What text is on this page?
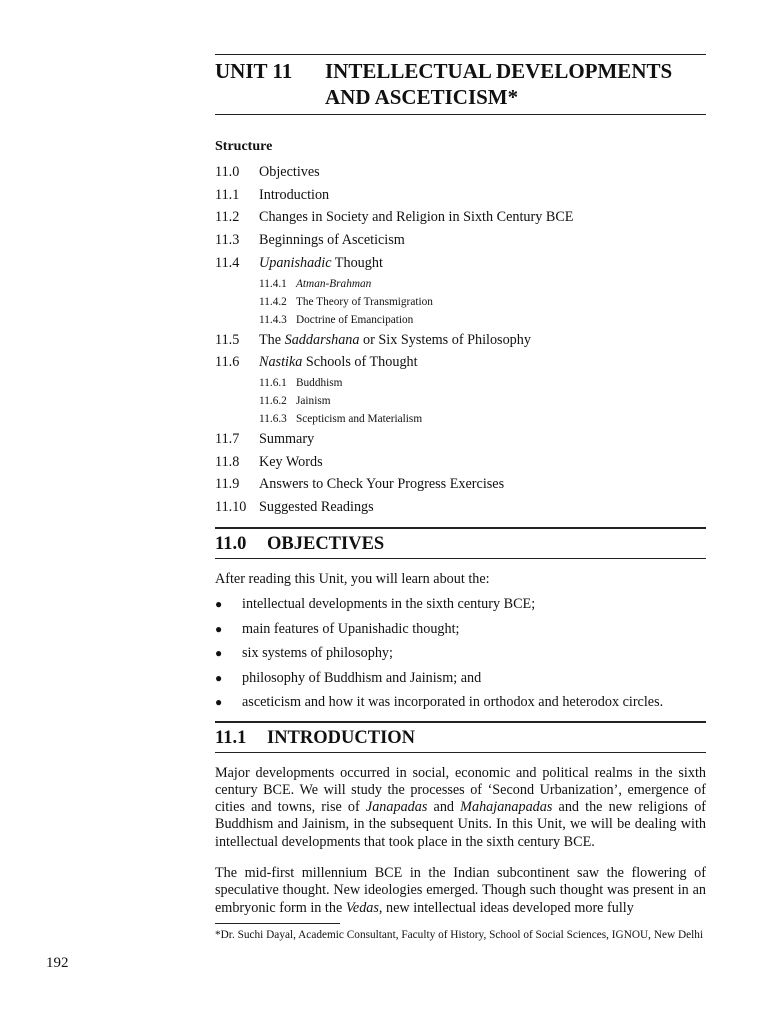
UNIT 11	INTELLECTUAL DEVELOPMENTS
AND ASCETICISM*
Structure
11.0	Objectives
11.1	Introduction
11.2	Changes in Society and Religion in Sixth Century BCE
11.3	Beginnings of Asceticism
11.4	Upanishadic Thought
11.4.1 Atman-Brahman
11.4.2 The Theory of Transmigration
11.4.3 Doctrine of Emancipation
11.5	The Saddarshana or Six Systems of Philosophy
11.6	Nastika Schools of Thought
11.6.1 Buddhism
11.6.2 Jainism
11.6.3 Scepticism and Materialism
11.7	Summary
11.8	Key Words
11.9	Answers to Check Your Progress Exercises
11.10 Suggested Readings
11.0	OBJECTIVES

After reading this Unit, you will learn about the:

●	intellectual developments in the sixth century BCE;
●	main features of Upanishadic thought;
●	six systems of philosophy;
●	philosophy of Buddhism and Jainism; and
●	asceticism and how it was incorporated in orthodox and heterodox circles.
11.1	INTRODUCTION

Major developments occurred in social, economic and political realms in the sixth century BCE. We will study the processes of ‘Second Urbanization’, emergence of cities and towns, rise of Janapadas and Mahajanapadas and the new religions of Buddhism and Jainism, in the subsequent Units. In this Unit, we will be dealing with intellectual developments that took place in the sixth century BCE.

The mid-first millennium BCE in the Indian subcontinent saw the flowering of speculative thought. New ideologies emerged. Though such thought was present in an embryonic form in the Vedas, new intellectual ideas developed more fully

*Dr. Suchi Dayal, Academic Consultant, Faculty of History, School of Social Sciences, IGNOU, New Delhi
192
